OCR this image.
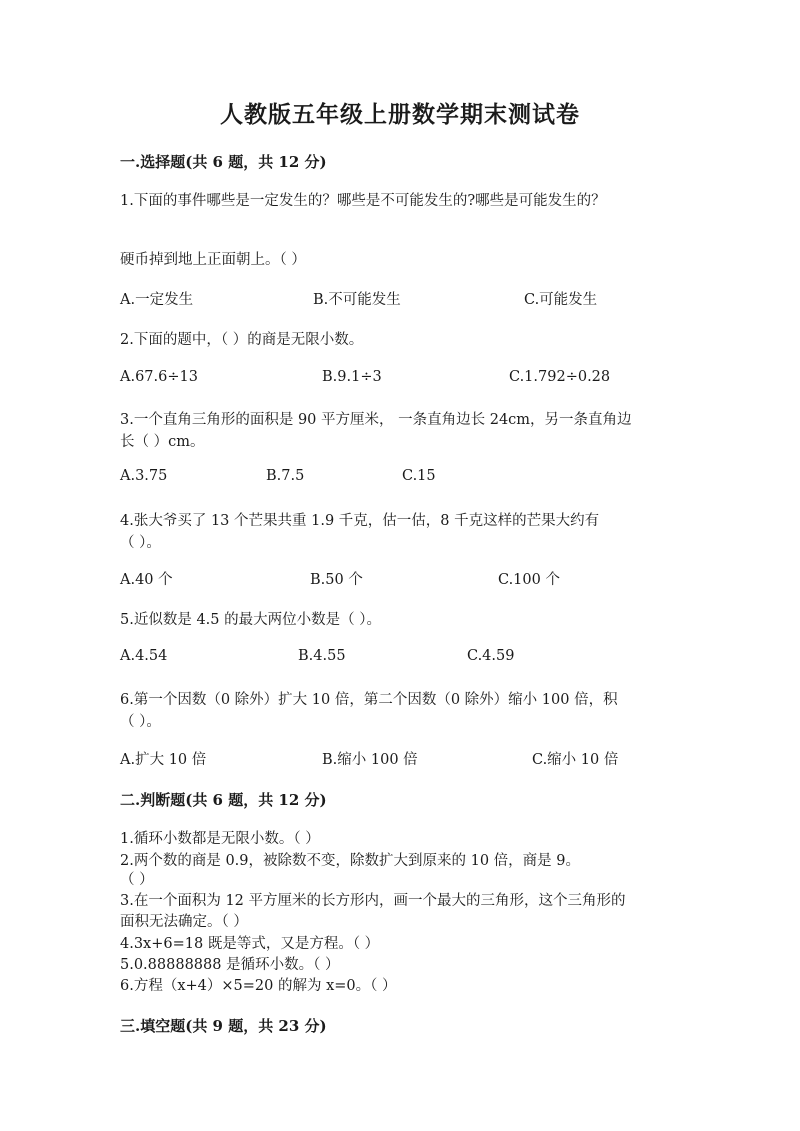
人教版五年级上册数学期末测试卷
一.选择题(共 6 题，共 12 分)
1.下面的事件哪些是一定发生的？哪些是不可能发生的?哪些是可能发生的？
硬币掉到地上正面朝上。（ ）
A.一定发生	B.不可能发生	C.可能发生
2.下面的题中，（ ）的商是无限小数。
A.67.6÷13	B.9.1÷3	C.1.792÷0.28
3.一个直角三角形的面积是 90 平方厘米， 一条直角边长 24cm，另一条直角边
长（ ）cm。
A.3.75	B.7.5	C.15
4.张大爷买了 13 个芒果共重 1.9 千克，估一估，8 千克这样的芒果大约有
（ ）。
A.40 个	B.50 个	C.100 个
5.近似数是 4.5 的最大两位小数是（ ）。
A.4.54	B.4.55	C.4.59
6.第一个因数（0 除外）扩大 10 倍，第二个因数（0 除外）缩小 100 倍，积
（ ）。
A.扩大 10 倍	B.缩小 100 倍	C.缩小 10 倍
二.判断题(共 6 题，共 12 分)
1.循环小数都是无限小数。（ ）
2.两个数的商是 0.9，被除数不变，除数扩大到原来的 10 倍，商是 9。
（ ）
3.在一个面积为 12 平方厘米的长方形内，画一个最大的三角形，这个三角形的
面积无法确定。（ ）
4.3x+6=18 既是等式，又是方程。（ ）
5.0.88888888 是循环小数。（ ）
6.方程（x+4）×5=20 的解为 x=0。（ ）
三.填空题(共 9 题，共 23 分)
